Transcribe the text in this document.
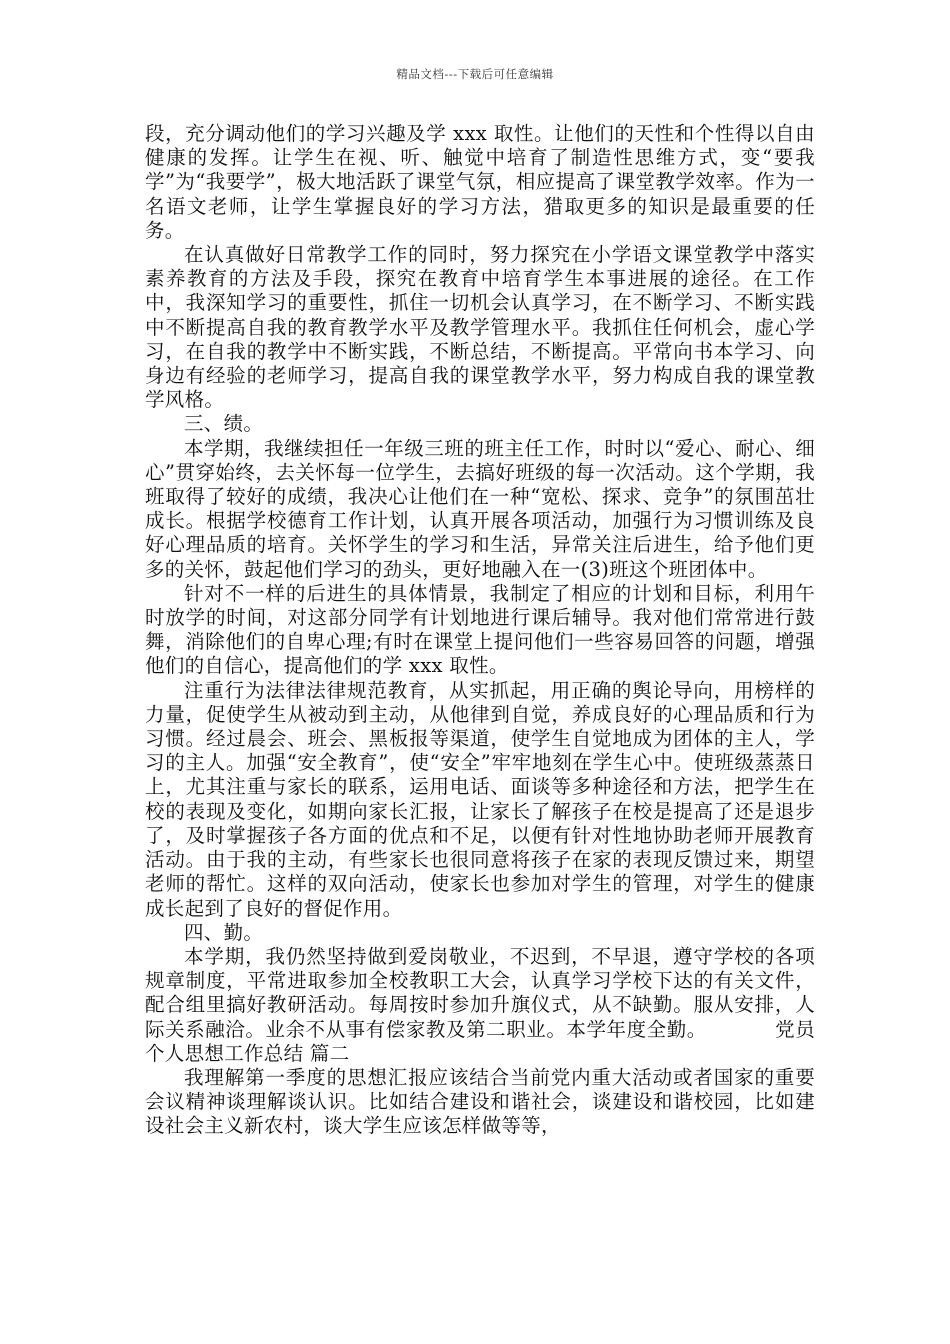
精品文档---下载后可任意编辑

段，充分调动他们的学习兴趣及学 xxx 取性。让他们的天性和个性得以自由健康的发挥。让学生在视、听、触觉中培育了制造性思维方式，变“要我学”为“我要学”，极大地活跃了课堂气氛，相应提高了课堂教学效率。作为一名语文老师，让学生掌握良好的学习方法，猎取更多的知识是最重要的任务。

在认真做好日常教学工作的同时，努力探究在小学语文课堂教学中落实素养教育的方法及手段，探究在教育中培育学生本事进展的途径。在工作中，我深知学习的重要性，抓住一切机会认真学习，在不断学习、不断实践中不断提高自我的教育教学水平及教学管理水平。我抓住任何机会，虚心学习，在自我的教学中不断实践，不断总结，不断提高。平常向书本学习、向身边有经验的老师学习，提高自我的课堂教学水平，努力构成自我的课堂教学风格。

三、绩。

本学期，我继续担任一年级三班的班主任工作，时时以“爱心、耐心、细心”贯穿始终，去关怀每一位学生，去搞好班级的每一次活动。这个学期，我班取得了较好的成绩，我决心让他们在一种“宽松、探求、竞争”的氛围茁壮成长。根据学校德育工作计划，认真开展各项活动，加强行为习惯训练及良好心理品质的培育。关怀学生的学习和生活，异常关注后进生，给予他们更多的关怀，鼓起他们学习的劲头，更好地融入在一(3)班这个班团体中。

针对不一样的后进生的具体情景，我制定了相应的计划和目标，利用午时放学的时间，对这部分同学有计划地进行课后辅导。我对他们常常进行鼓舞，消除他们的自卑心理;有时在课堂上提问他们一些容易回答的问题，增强他们的自信心，提高他们的学 xxx 取性。

注重行为法律法律规范教育，从实抓起，用正确的舆论导向，用榜样的力量，促使学生从被动到主动，从他律到自觉，养成良好的心理品质和行为习惯。经过晨会、班会、黑板报等渠道，使学生自觉地成为团体的主人，学习的主人。加强“安全教育”，使“安全”牢牢地刻在学生心中。使班级蒸蒸日上，尤其注重与家长的联系，运用电话、面谈等多种途径和方法，把学生在校的表现及变化，如期向家长汇报，让家长了解孩子在校是提高了还是退步了，及时掌握孩子各方面的优点和不足，以便有针对性地协助老师开展教育活动。由于我的主动，有些家长也很同意将孩子在家的表现反馈过来，期望老师的帮忙。这样的双向活动，使家长也参加对学生的管理，对学生的健康成长起到了良好的督促作用。

四、勤。

本学期，我仍然坚持做到爱岗敬业，不迟到，不早退，遵守学校的各项规章制度，平常进取参加全校教职工大会，认真学习学校下达的有关文件，配合组里搞好教研活动。每周按时参加升旗仪式，从不缺勤。服从安排，人际关系融洽。业余不从事有偿家教及第二职业。本学年度全勤。	党员个人思想工作总结 篇二

我理解第一季度的思想汇报应该结合当前党内重大活动或者国家的重要会议精神谈理解谈认识。比如结合建设和谐社会，谈建设和谐校园，比如建设社会主义新农村，谈大学生应该怎样做等等，
